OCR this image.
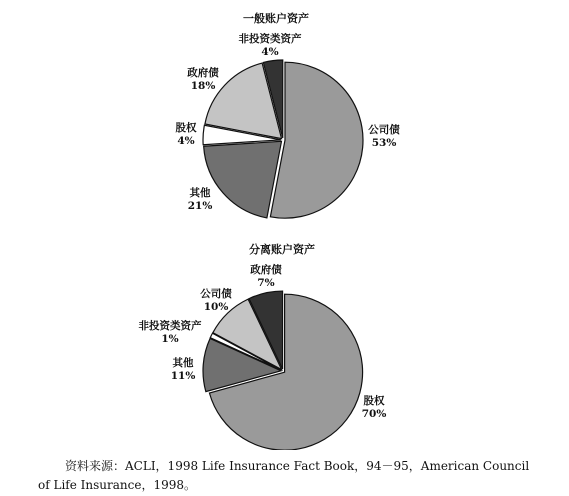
一般账户资产
公司债
53%
其他
21%
股权
4%
政府债
18%
非投资类资产
4%
分离账户资产
股权
70%
其他
11%
非投资类资产
1%
公司债
10%
政府债
7%
资料来源：ACLI，1998 Life Insurance Fact Book，94－95，American Council
of Life Insurance，1998。
